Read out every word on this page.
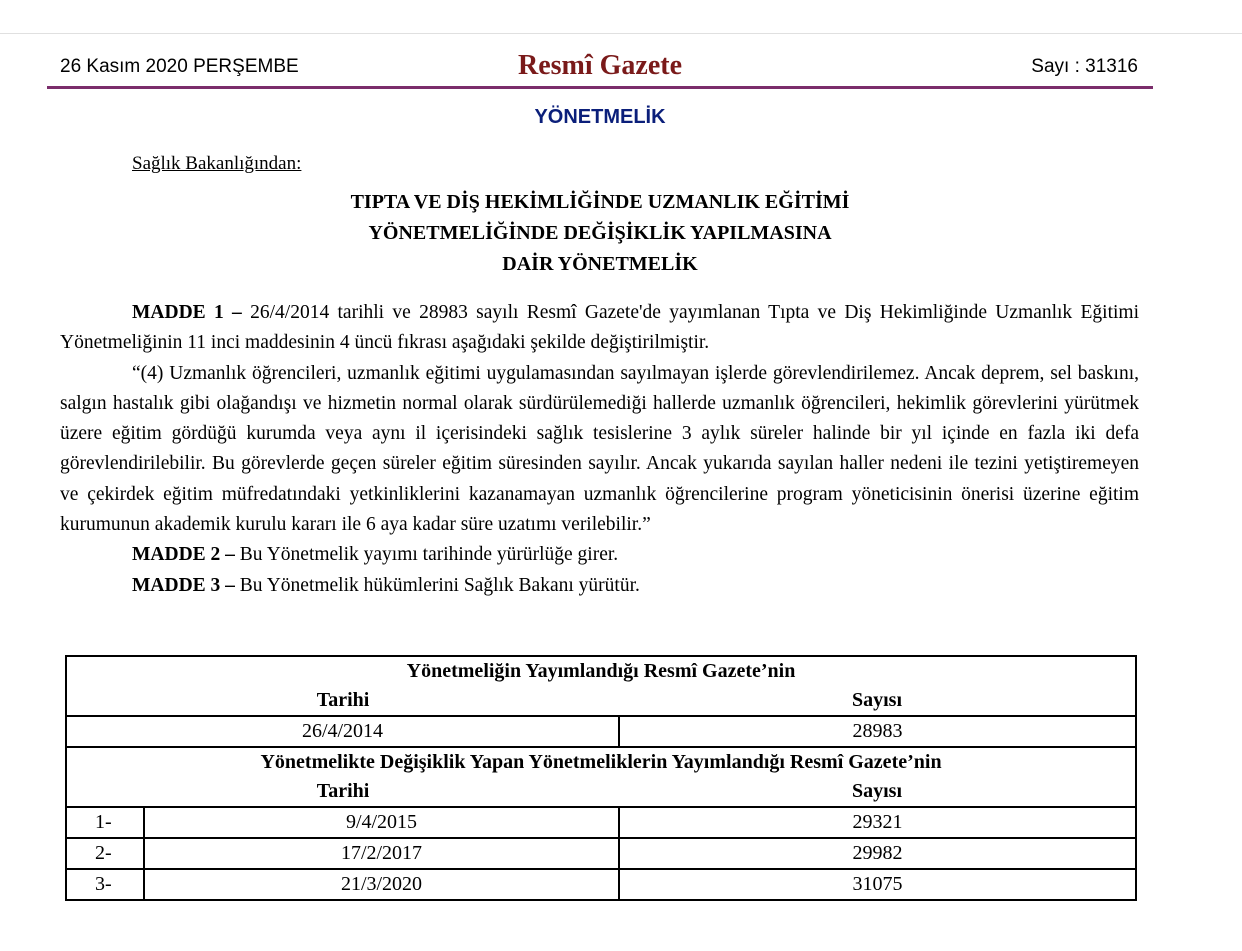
26 Kasım 2020 PERŞEMBE	Resmî Gazete	Sayı : 31316
YÖNETMELİK
Sağlık Bakanlığından:
TIPTA VE DİŞ HEKİMLİĞİNDE UZMANLIK EĞİTİMİ
YÖNETMELİĞİNDE DEĞİŞİKLİK YAPILMASINA
DAİR YÖNETMELİK

MADDE 1 – 26/4/2014 tarihli ve 28983 sayılı Resmî Gazete'de yayımlanan Tıpta ve Diş Hekimliğinde Uzmanlık Eğitimi Yönetmeliğinin 11 inci maddesinin 4 üncü fıkrası aşağıdaki şekilde değiştirilmiştir.

“(4) Uzmanlık öğrencileri, uzmanlık eğitimi uygulamasından sayılmayan işlerde görevlendirilemez. Ancak deprem, sel baskını, salgın hastalık gibi olağandışı ve hizmetin normal olarak sürdürülemediği hallerde uzmanlık öğrencileri, hekimlik görevlerini yürütmek üzere eğitim gördüğü kurumda veya aynı il içerisindeki sağlık tesislerine 3 aylık süreler halinde bir yıl içinde en fazla iki defa görevlendirilebilir. Bu görevlerde geçen süreler eğitim süresinden sayılır. Ancak yukarıda sayılan haller nedeni ile tezini yetiştiremeyen ve çekirdek eğitim müfredatındaki yetkinliklerini kazanamayan uzmanlık öğrencilerine program yöneticisinin önerisi üzerine eğitim kurumunun akademik kurulu kararı ile 6 aya kadar süre uzatımı verilebilir.”

MADDE 2 – Bu Yönetmelik yayımı tarihinde yürürlüğe girer.

MADDE 3 – Bu Yönetmelik hükümlerini Sağlık Bakanı yürütür.

Yönetmeliğin Yayımlandığı Resmî Gazete’nin		
Tarihi		Sayısı
26/4/2014		28983
Yönetmelikte Değişiklik Yapan Yönetmeliklerin Yayımlandığı Resmî Gazete’nin		
Tarihi		Sayısı
1-	9/4/2015	29321
2-	17/2/2017	29982
3-	21/3/2020	31075
